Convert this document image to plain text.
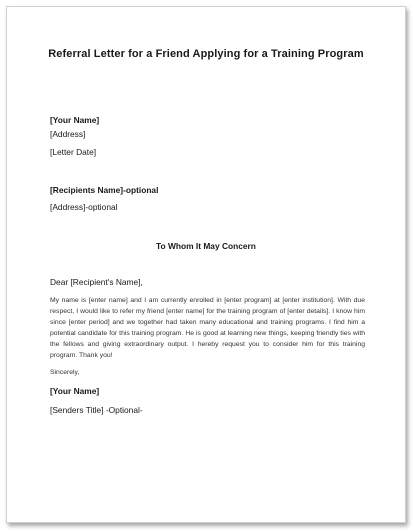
Referral Letter for a Friend Applying for a Training Program

[Your Name]

[Address]

[Letter Date]

[Recipients Name]-optional

[Address]-optional

To Whom It May Concern

Dear [Recipient's Name],

My name is [enter name] and I am currently enrolled in [enter program] at [enter institution]. With due respect, I would like to refer my friend [enter name] for the training program of [enter details]. I know him since [enter period] and we together had taken many educational and training programs. I find him a potential candidate for this training program. He is good at learning new things, keeping friendly ties with the fellows and giving extraordinary output. I hereby request you to consider him for this training program. Thank you!

Sincerely,

[Your Name]

[Senders Title] -Optional-
